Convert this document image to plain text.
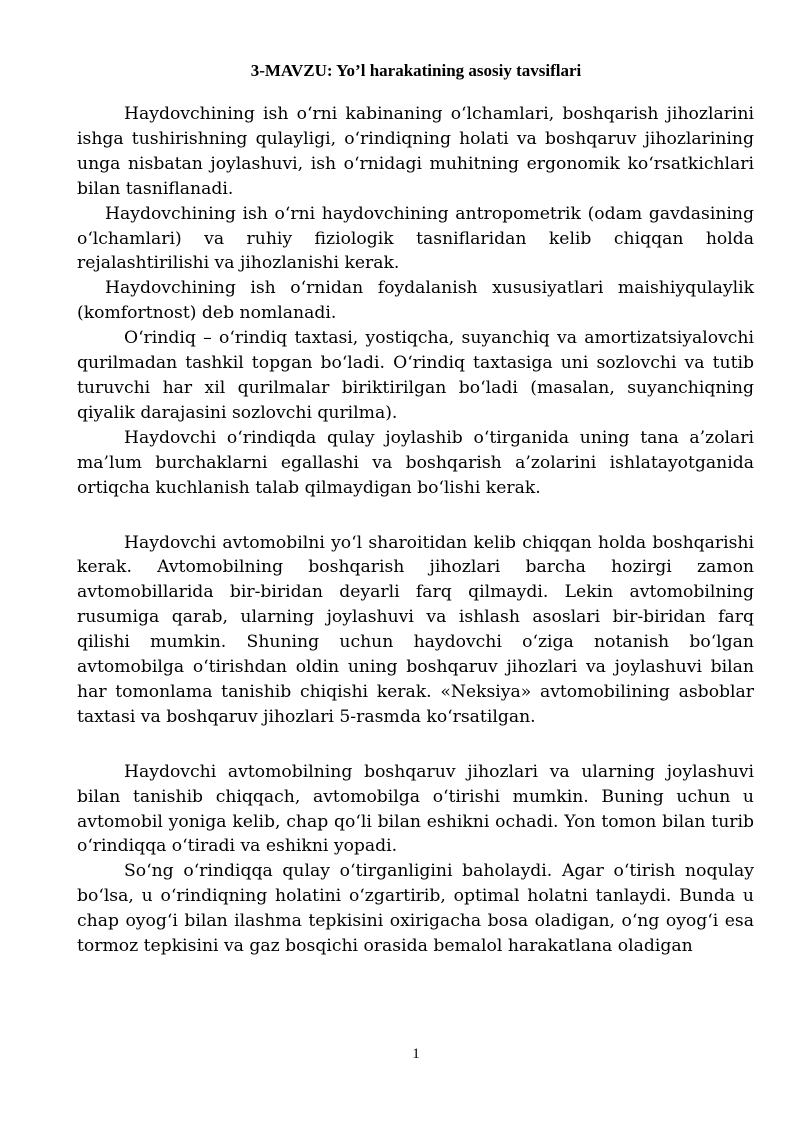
3-MAVZU: Yo’l harakatining asosiy tavsiflari

Haydovchining ish o‘rni kabinaning o‘lchamlari, boshqarish jihozlarini ishga tushirishning qulayligi, o‘rindiqning holati va boshqaruv jihozlarining unga nisbatan joylashuvi, ish o‘rnidagi muhitning ergonomik ko‘rsatkichlari bilan tasniflanadi.

Haydovchining ish o‘rni haydovchining antropometrik (odam gavdasining o‘lchamlari) va ruhiy fiziologik tasniflaridan kelib chiqqan holda rejalashtirilishi va jihozlanishi kerak.

Haydovchining ish o‘rnidan foydalanish xususiyatlari maishiyqulaylik (komfortnost) deb nomlanadi.

O‘rindiq – o‘rindiq taxtasi, yostiqcha, suyanchiq va amortizatsiyalovchi qurilmadan tashkil topgan bo‘ladi. O‘rindiq taxtasiga uni sozlovchi va tutib turuvchi har xil qurilmalar biriktirilgan bo‘ladi (masalan, suyanchiqning qiyalik darajasini sozlovchi qurilma).

Haydovchi o‘rindiqda qulay joylashib o‘tirganida uning tana a’zolari ma’lum burchaklarni egallashi va boshqarish a’zolarini ishlatayotganida ortiqcha kuchlanish talab qilmaydigan bo‘lishi kerak.

Haydovchi avtomobilni yo‘l sharoitidan kelib chiqqan holda boshqarishi kerak. Avtomobilning boshqarish jihozlari barcha hozirgi zamon avtomobillarida bir-biridan deyarli farq qilmaydi. Lekin avtomobilning rusumiga qarab, ularning joylashuvi va ishlash asoslari bir-biridan farq qilishi mumkin. Shuning uchun haydovchi o‘ziga notanish bo‘lgan avtomobilga o‘tirishdan oldin uning boshqaruv jihozlari va joylashuvi bilan har tomonlama tanishib chiqishi kerak. «Neksiya» avtomobilining asboblar taxtasi va boshqaruv jihozlari 5-rasmda ko‘rsatilgan.

Haydovchi avtomobilning boshqaruv jihozlari va ularning joylashuvi bilan tanishib chiqqach, avtomobilga o‘tirishi mumkin. Buning uchun u avtomobil yoniga kelib, chap qo‘li bilan eshikni ochadi. Yon tomon bilan turib o‘rindiqqa o‘tiradi va eshikni yopadi.

So‘ng o‘rindiqqa qulay o‘tirganligini baholaydi. Agar o‘tirish noqulay bo‘lsa, u o‘rindiqning holatini o‘zgartirib, optimal holatni tanlaydi. Bunda u chap oyog‘i bilan ilashma tepkisini oxirigacha bosa oladigan, o‘ng oyog‘i esa tormoz tepkisini va gaz bosqichi orasida bemalol harakatlana oladigan

1
